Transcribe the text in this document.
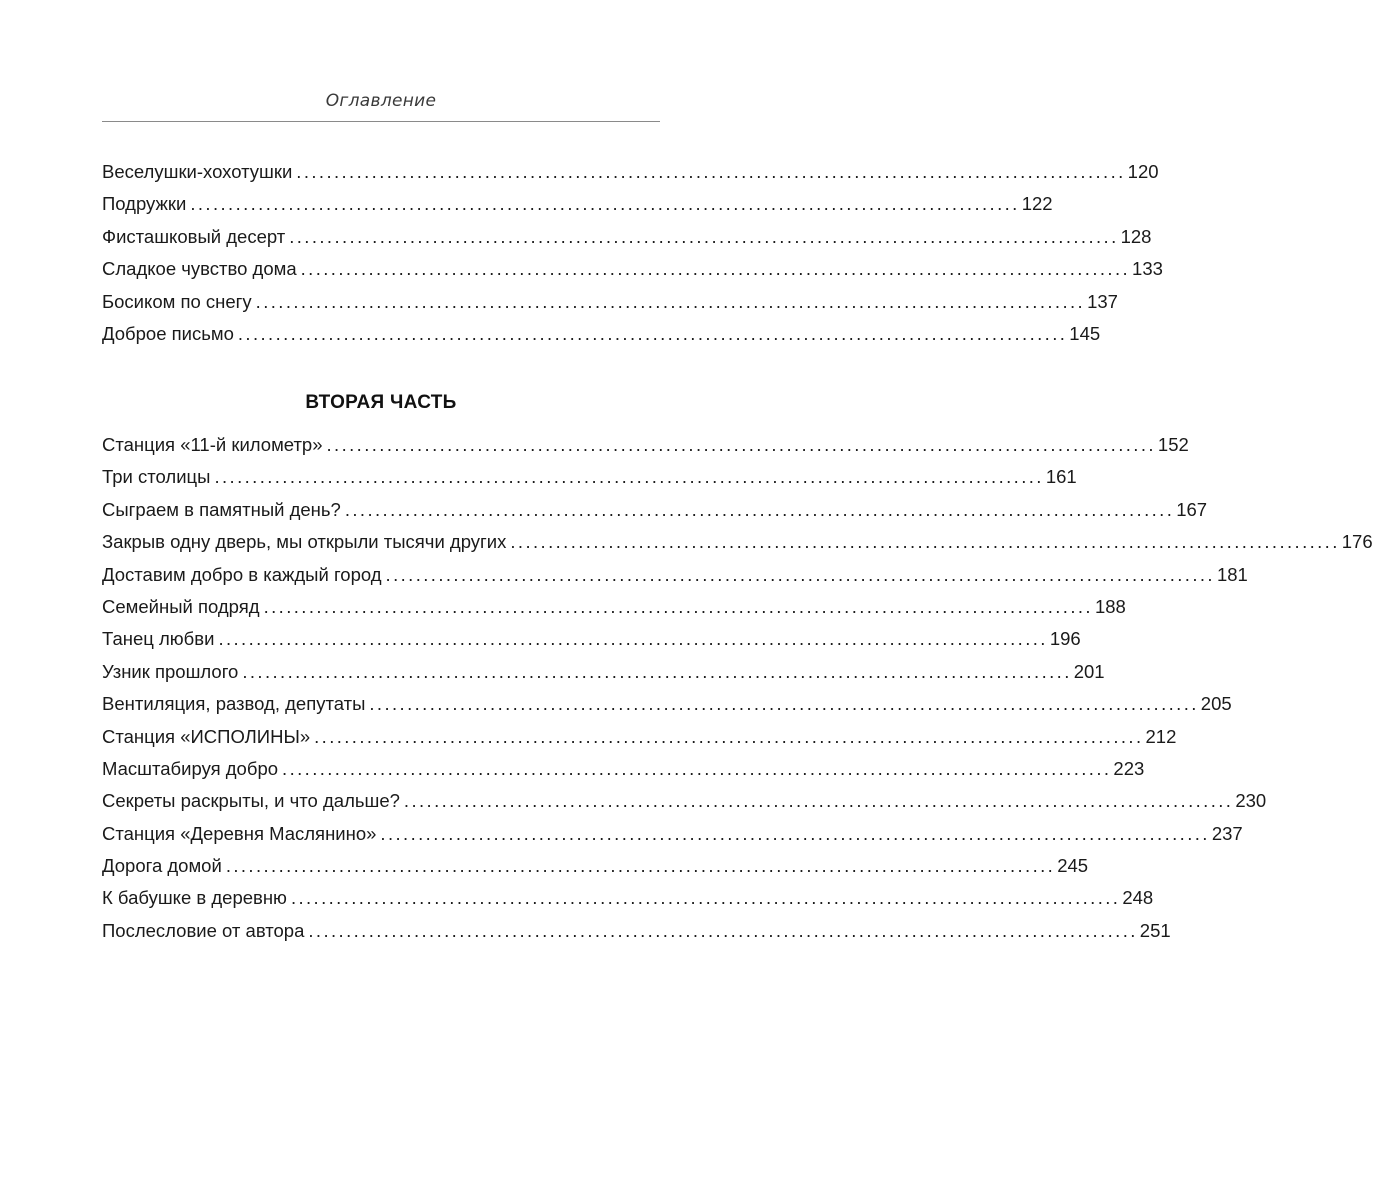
Оглавление
Веселушки-хохотушки .............................................................................................................. 120
Подружки .............................................................................................................. 122
Фисташковый десерт .............................................................................................................. 128
Сладкое чувство дома .............................................................................................................. 133
Босиком по снегу .............................................................................................................. 137
Доброе письмо .............................................................................................................. 145
ВТОРАЯ ЧАСТЬ
Станция «11-й километр» .............................................................................................................. 152
Три столицы .............................................................................................................. 161
Сыграем в памятный день? .............................................................................................................. 167
Закрыв одну дверь, мы открыли тысячи других .............................................................................................................. 176
Доставим добро в каждый город .............................................................................................................. 181
Семейный подряд .............................................................................................................. 188
Танец любви .............................................................................................................. 196
Узник прошлого .............................................................................................................. 201
Вентиляция, развод, депутаты .............................................................................................................. 205
Станция «ИСПОЛИНЫ» .............................................................................................................. 212
Масштабируя добро .............................................................................................................. 223
Секреты раскрыты, и что дальше? .............................................................................................................. 230
Станция «Деревня Маслянино» .............................................................................................................. 237
Дорога домой .............................................................................................................. 245
К бабушке в деревню .............................................................................................................. 248
Послесловие от автора .............................................................................................................. 251
